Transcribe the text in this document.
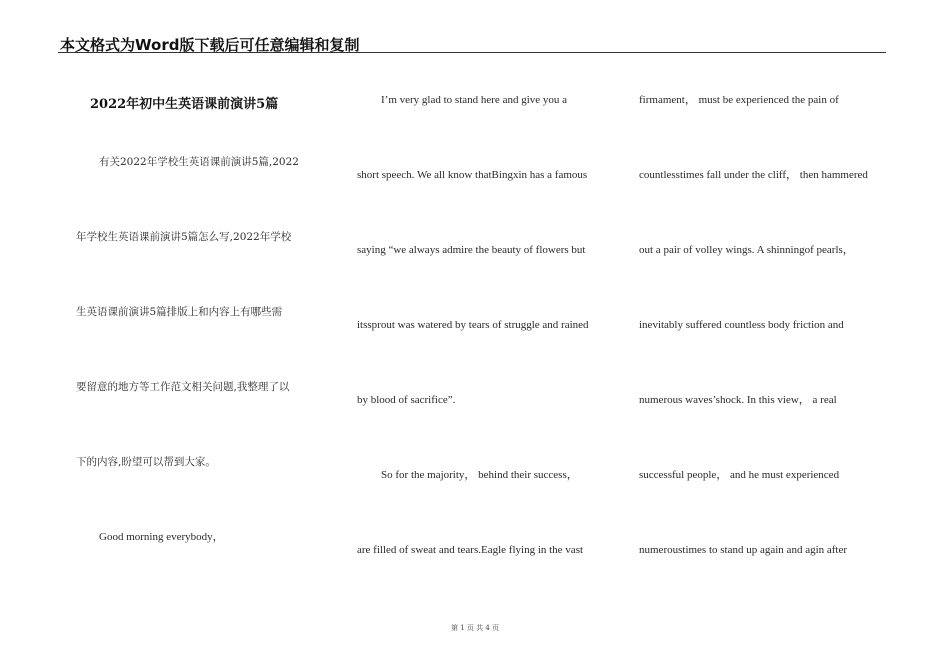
本文格式为Word版下载后可任意编辑和复制
2022年初中生英语课前演讲5篇
有关2022年学校生英语课前演讲5篇,2022
年学校生英语课前演讲5篇怎么写,2022年学校
生英语课前演讲5篇排版上和内容上有哪些需
要留意的地方等工作范文相关问题,我整理了以
下的内容,盼望可以帮到大家。
Good morning everybody，
I’m very glad to stand here and give you a
short speech. We all know thatBingxin has a famous
saying “we always admire the beauty of flowers but
itssprout was watered by tears of struggle and rained
by blood of sacrifice”.
So for the majority， behind their success，
are filled of sweat and tears.Eagle flying in the vast
firmament， must be experienced the pain of
countlesstimes fall under the cliff， then hammered
out a pair of volley wings. A shinningof pearls，
inevitably suffered countless body friction and
numerous waves’shock. In this view， a real
successful people， and he must experienced
numeroustimes to stand up again and agin after
第 1 页 共 4 页
